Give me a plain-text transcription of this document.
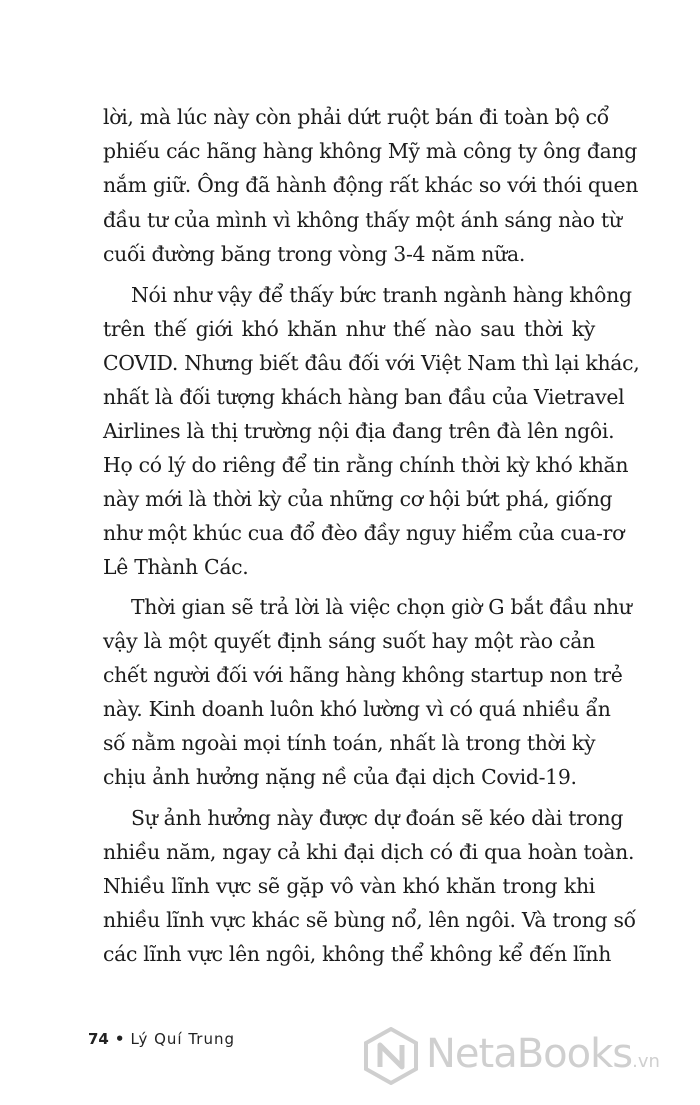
lời, mà lúc này còn phải dứt ruột bán đi toàn bộ cổ
phiếu các hãng hàng không Mỹ mà công ty ông đang
nắm giữ. Ông đã hành động rất khác so với thói quen
đầu tư của mình vì không thấy một ánh sáng nào từ
cuối đường băng trong vòng 3-4 năm nữa.
Nói như vậy để thấy bức tranh ngành hàng không
trên thế giới khó khăn như thế nào sau thời kỳ
COVID. Nhưng biết đâu đối với Việt Nam thì lại khác,
nhất là đối tượng khách hàng ban đầu của Vietravel
Airlines là thị trường nội địa đang trên đà lên ngôi.
Họ có lý do riêng để tin rằng chính thời kỳ khó khăn
này mới là thời kỳ của những cơ hội bứt phá, giống
như một khúc cua đổ đèo đầy nguy hiểm của cua-rơ
Lê Thành Các.
Thời gian sẽ trả lời là việc chọn giờ G bắt đầu như
vậy là một quyết định sáng suốt hay một rào cản
chết người đối với hãng hàng không startup non trẻ
này. Kinh doanh luôn khó lường vì có quá nhiều ẩn
số nằm ngoài mọi tính toán, nhất là trong thời kỳ
chịu ảnh hưởng nặng nề của đại dịch Covid-19.
Sự ảnh hưởng này được dự đoán sẽ kéo dài trong
nhiều năm, ngay cả khi đại dịch có đi qua hoàn toàn.
Nhiều lĩnh vực sẽ gặp vô vàn khó khăn trong khi
nhiều lĩnh vực khác sẽ bùng nổ, lên ngôi. Và trong số
các lĩnh vực lên ngôi, không thể không kể đến lĩnh
74 • Lý Quí Trung	NetaBooks.vn
